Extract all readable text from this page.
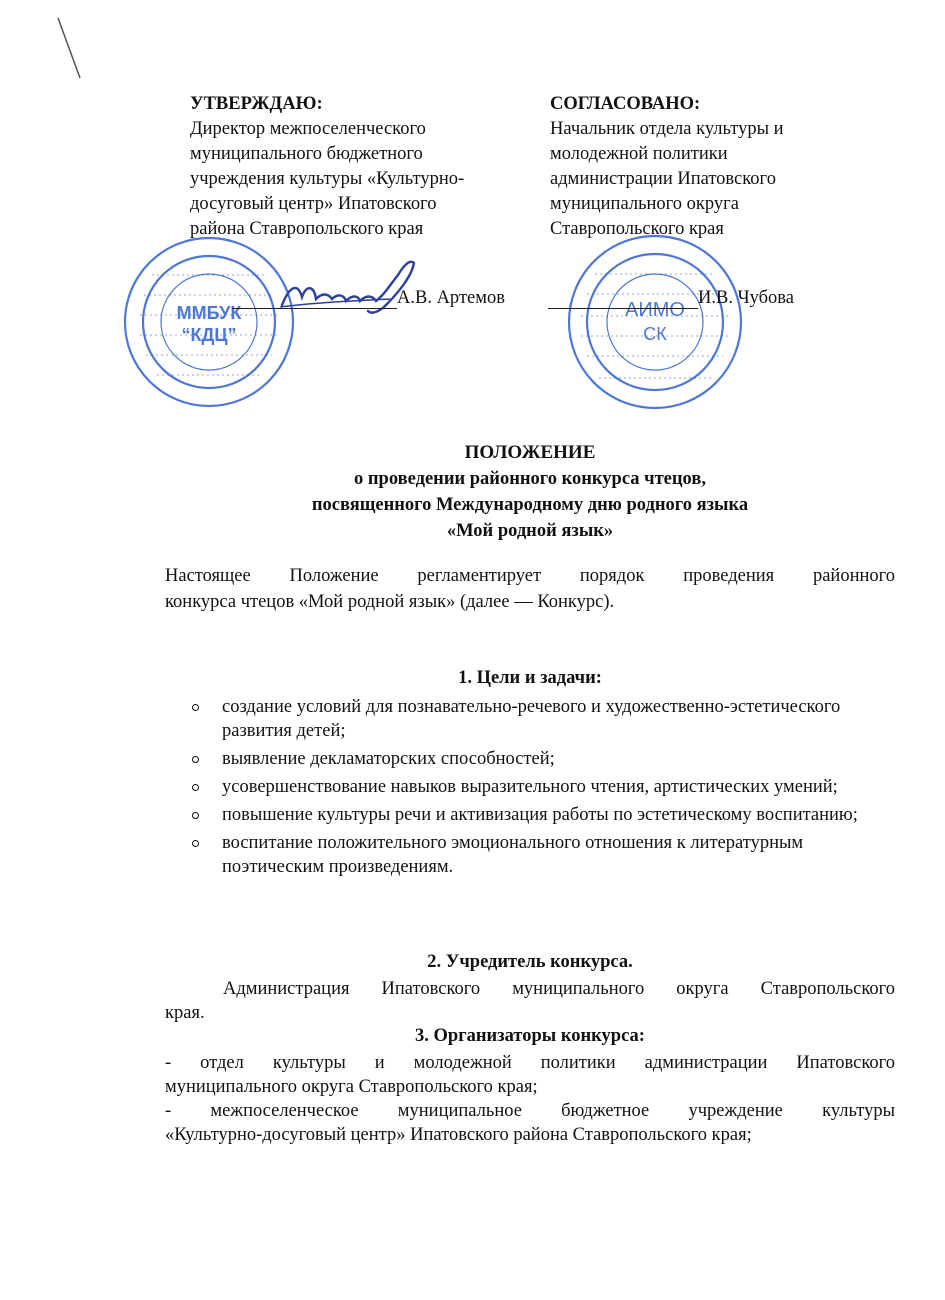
УТВЕРЖДАЮ:
Директор межпоселенческого
муниципального бюджетного
учреждения культуры «Культурно-
досуговый центр» Ипатовского
района Ставропольского края
СОГЛАСОВАНО:
Начальник отдела культуры и
молодежной политики
администрации Ипатовского
муниципального округа
Ставропольского края
ММБУК
“КДЦ”
АИМО
СК
А.В. Артемов	И.В. Чубова
ПОЛОЖЕНИЕ
о проведении районного конкурса чтецов,
посвященного Международному дню родного языка
«Мой родной язык»
Настоящее Положение регламентирует порядок проведения районного
конкурса чтецов «Мой родной язык» (далее — Конкурс).
1. Цели и задачи:
создание условий для познавательно-речевого и художественно-эстетического развития детей;
выявление декламаторских способностей;
усовершенствование навыков выразительного чтения, артистических умений;
повышение культуры речи и активизация работы по эстетическому воспитанию;
воспитание положительного эмоционального отношения к литературным поэтическим произведениям.
2. Учредитель конкурса.
Администрация Ипатовского муниципального округа Ставропольского
края.
3. Организаторы конкурса:
- отдел культуры и молодежной политики администрации Ипатовского
муниципального округа Ставропольского края;
- межпоселенческое муниципальное бюджетное учреждение культуры
«Культурно-досуговый центр» Ипатовского района Ставропольского края;
